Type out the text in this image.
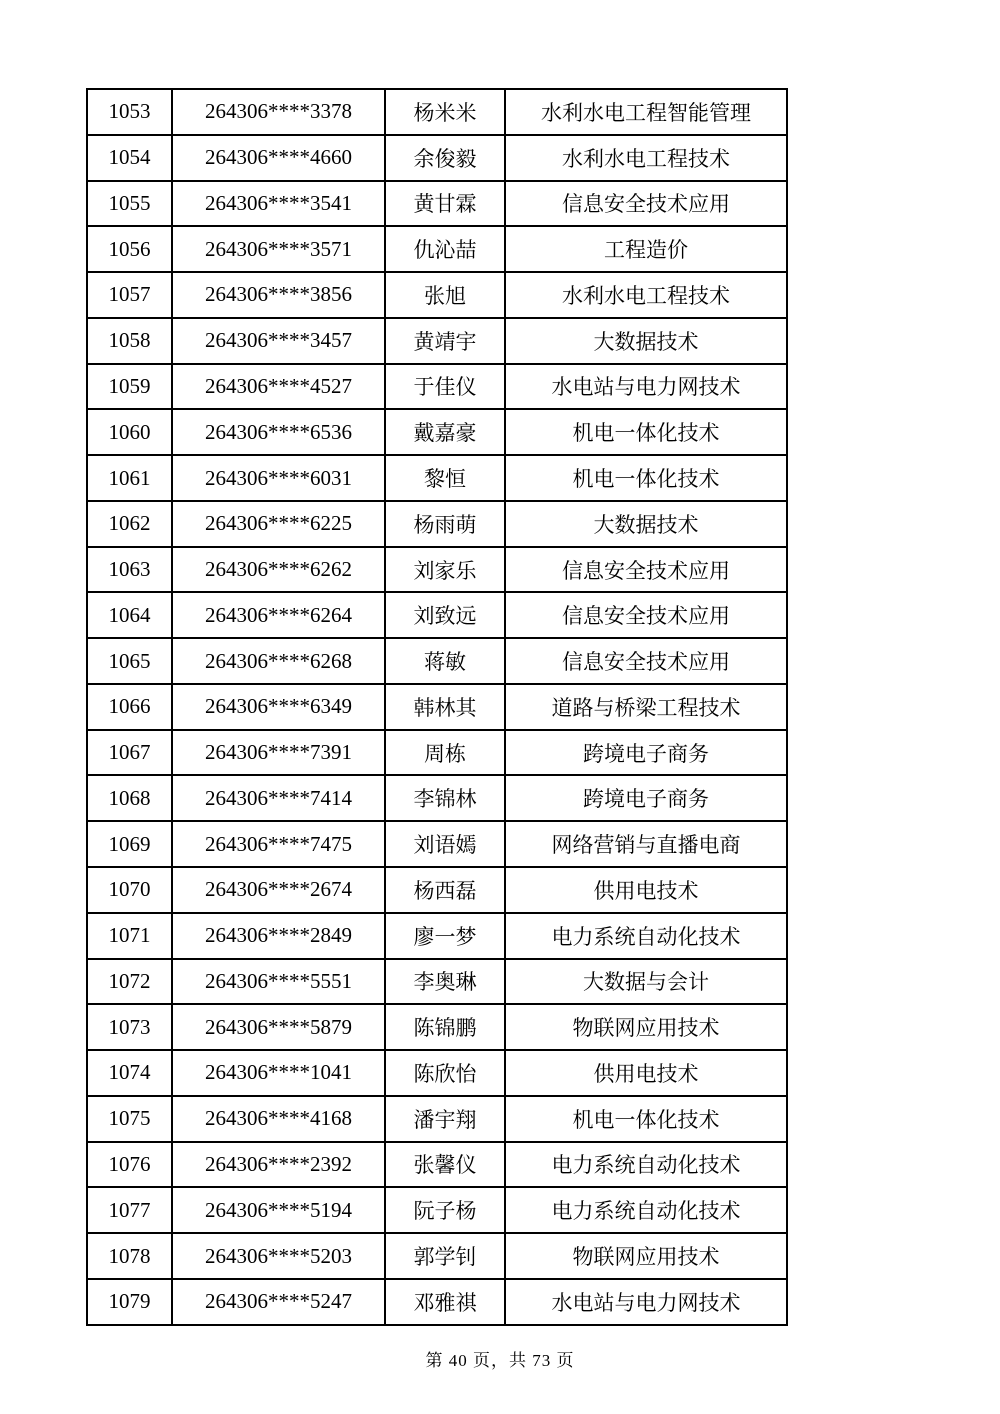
1053	264306****3378	杨米米	水利水电工程智能管理
1054	264306****4660	余俊毅	水利水电工程技术
1055	264306****3541	黄甘霖	信息安全技术应用
1056	264306****3571	仇沁喆	工程造价
1057	264306****3856	张旭	水利水电工程技术
1058	264306****3457	黄靖宇	大数据技术
1059	264306****4527	于佳仪	水电站与电力网技术
1060	264306****6536	戴嘉豪	机电一体化技术
1061	264306****6031	黎恒	机电一体化技术
1062	264306****6225	杨雨萌	大数据技术
1063	264306****6262	刘家乐	信息安全技术应用
1064	264306****6264	刘致远	信息安全技术应用
1065	264306****6268	蒋敏	信息安全技术应用
1066	264306****6349	韩林其	道路与桥梁工程技术
1067	264306****7391	周栋	跨境电子商务
1068	264306****7414	李锦林	跨境电子商务
1069	264306****7475	刘语嫣	网络营销与直播电商
1070	264306****2674	杨西磊	供用电技术
1071	264306****2849	廖一梦	电力系统自动化技术
1072	264306****5551	李奥琳	大数据与会计
1073	264306****5879	陈锦鹏	物联网应用技术
1074	264306****1041	陈欣怡	供用电技术
1075	264306****4168	潘宇翔	机电一体化技术
1076	264306****2392	张馨仪	电力系统自动化技术
1077	264306****5194	阮子杨	电力系统自动化技术
1078	264306****5203	郭学钊	物联网应用技术
1079	264306****5247	邓雅祺	水电站与电力网技术
第 40 页，共 73 页
